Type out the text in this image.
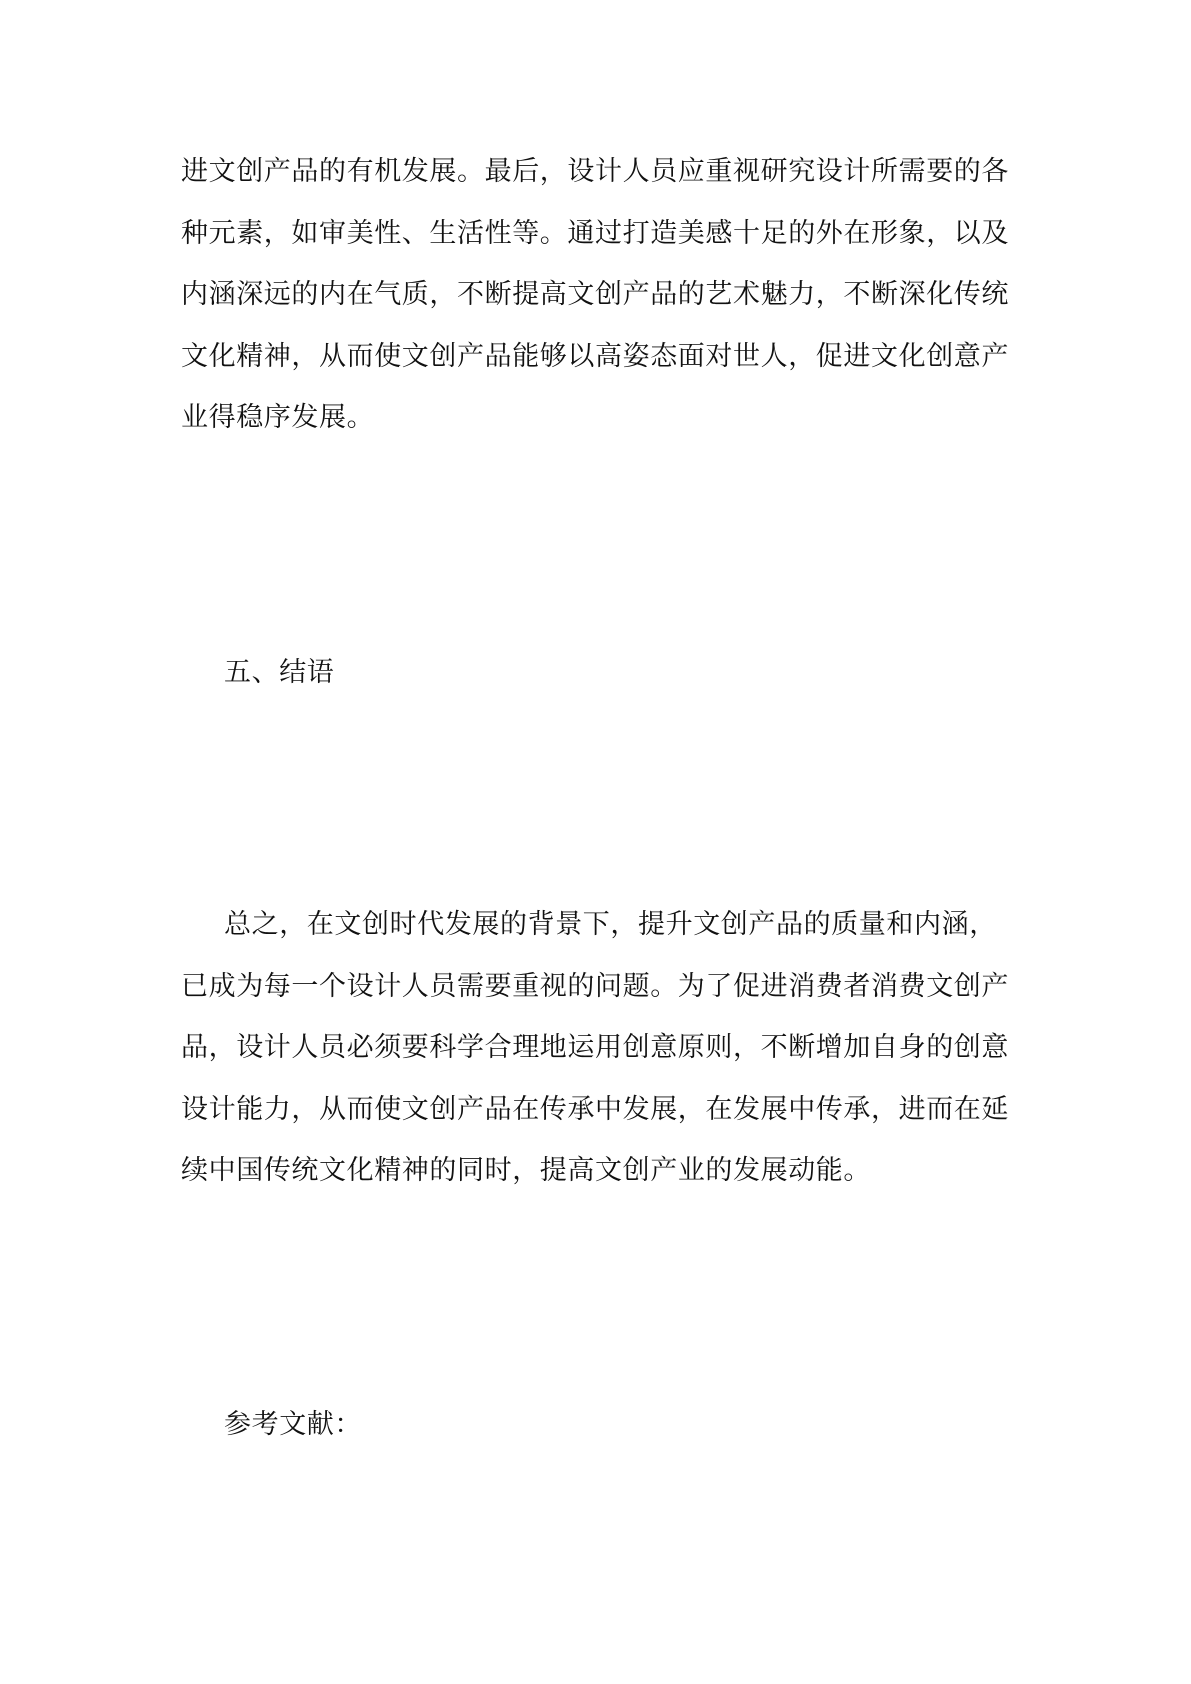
进文创产品的有机发展。最后，设计人员应重视研究设计所需要的各
种元素，如审美性、生活性等。通过打造美感十足的外在形象，以及
内涵深远的内在气质，不断提高文创产品的艺术魅力，不断深化传统
文化精神，从而使文创产品能够以高姿态面对世人，促进文化创意产
业得稳序发展。
五、结语
总之，在文创时代发展的背景下，提升文创产品的质量和内涵，
已成为每一个设计人员需要重视的问题。为了促进消费者消费文创产
品，设计人员必须要科学合理地运用创意原则，不断增加自身的创意
设计能力，从而使文创产品在传承中发展，在发展中传承，进而在延
续中国传统文化精神的同时，提高文创产业的发展动能。
参考文献：
